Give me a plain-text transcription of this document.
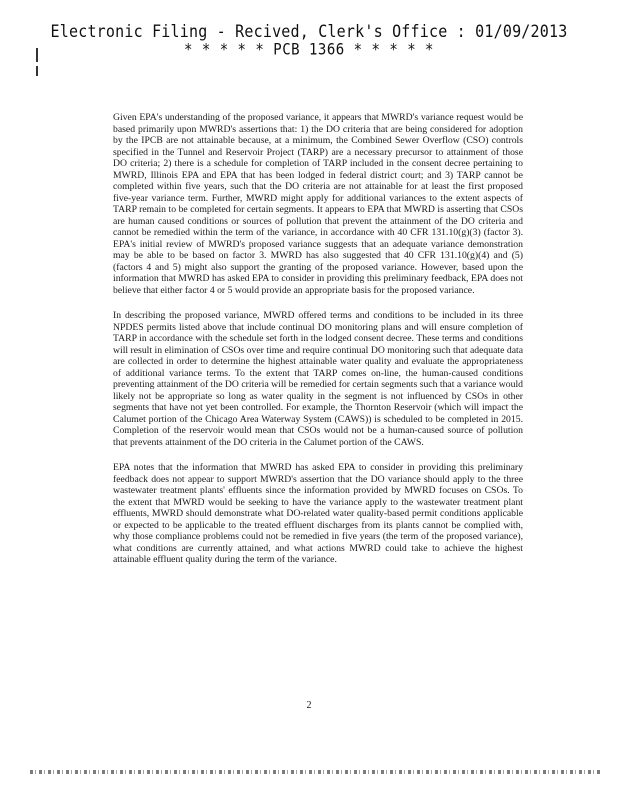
Electronic Filing - Recived, Clerk's Office : 01/09/2013
* * * * * PCB 1366 * * * * *

Given EPA's understanding of the proposed variance, it appears that MWRD's variance request would be based primarily upon MWRD's assertions that: 1) the DO criteria that are being considered for adoption by the IPCB are not attainable because, at a minimum, the Combined Sewer Overflow (CSO) controls specified in the Tunnel and Reservoir Project (TARP) are a necessary precursor to attainment of those DO criteria; 2) there is a schedule for completion of TARP included in the consent decree pertaining to MWRD, Illinois EPA and EPA that has been lodged in federal district court; and 3) TARP cannot be completed within five years, such that the DO criteria are not attainable for at least the first proposed five-year variance term. Further, MWRD might apply for additional variances to the extent aspects of TARP remain to be completed for certain segments. It appears to EPA that MWRD is asserting that CSOs are human caused conditions or sources of pollution that prevent the attainment of the DO criteria and cannot be remedied within the term of the variance, in accordance with 40 CFR 131.10(g)(3) (factor 3). EPA's initial review of MWRD's proposed variance suggests that an adequate variance demonstration may be able to be based on factor 3. MWRD has also suggested that 40 CFR 131.10(g)(4) and (5) (factors 4 and 5) might also support the granting of the proposed variance. However, based upon the information that MWRD has asked EPA to consider in providing this preliminary feedback, EPA does not believe that either factor 4 or 5 would provide an appropriate basis for the proposed variance.

In describing the proposed variance, MWRD offered terms and conditions to be included in its three NPDES permits listed above that include continual DO monitoring plans and will ensure completion of TARP in accordance with the schedule set forth in the lodged consent decree. These terms and conditions will result in elimination of CSOs over time and require continual DO monitoring such that adequate data are collected in order to determine the highest attainable water quality and evaluate the appropriateness of additional variance terms. To the extent that TARP comes on-line, the human-caused conditions preventing attainment of the DO criteria will be remedied for certain segments such that a variance would likely not be appropriate so long as water quality in the segment is not influenced by CSOs in other segments that have not yet been controlled. For example, the Thornton Reservoir (which will impact the Calumet portion of the Chicago Area Waterway System (CAWS)) is scheduled to be completed in 2015. Completion of the reservoir would mean that CSOs would not be a human-caused source of pollution that prevents attainment of the DO criteria in the Calumet portion of the CAWS.

EPA notes that the information that MWRD has asked EPA to consider in providing this preliminary feedback does not appear to support MWRD's assertion that the DO variance should apply to the three wastewater treatment plants' effluents since the information provided by MWRD focuses on CSOs. To the extent that MWRD would be seeking to have the variance apply to the wastewater treatment plant effluents, MWRD should demonstrate what DO-related water quality-based permit conditions applicable or expected to be applicable to the treated effluent discharges from its plants cannot be complied with, why those compliance problems could not be remedied in five years (the term of the proposed variance), what conditions are currently attained, and what actions MWRD could take to achieve the highest attainable effluent quality during the term of the variance.

2
